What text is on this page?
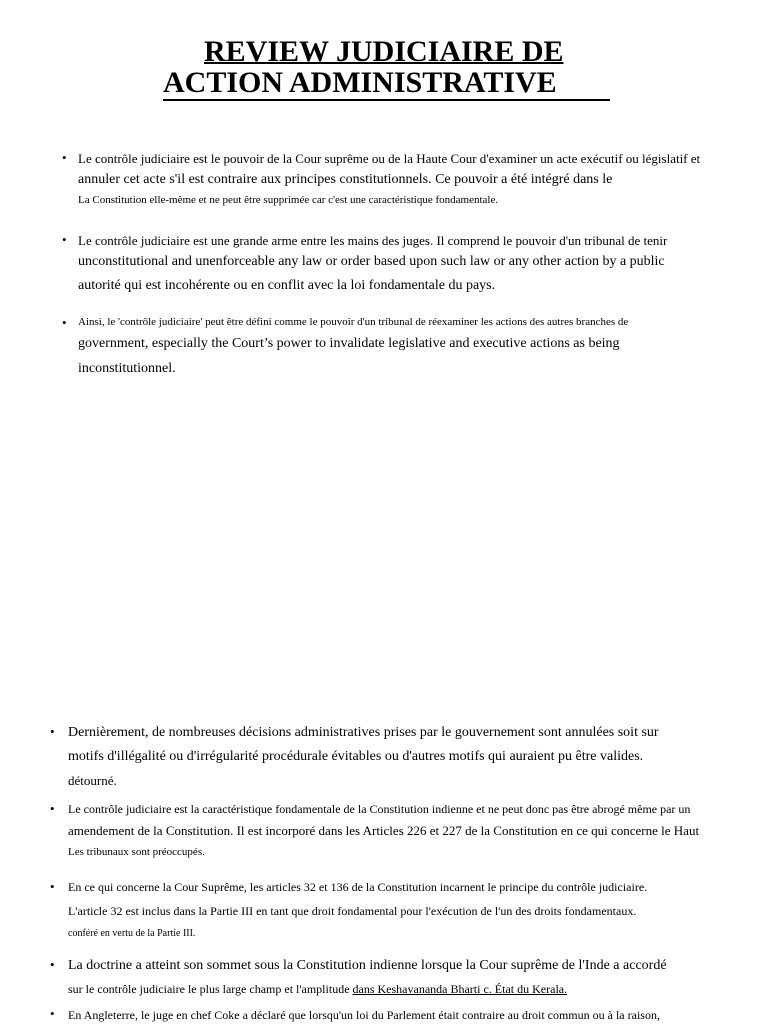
REVIEW JUDICIAIRE DE
ACTION ADMINISTRATIVE
• Le contrôle judiciaire est le pouvoir de la Cour suprême ou de la Haute Cour d'examiner un acte exécutif ou législatif et
annuler cet acte s'il est contraire aux principes constitutionnels. Ce pouvoir a été intégré dans le
La Constitution elle-même et ne peut être supprimée car c'est une caractéristique fondamentale.

• Le contrôle judiciaire est une grande arme entre les mains des juges. Il comprend le pouvoir d'un tribunal de tenir
unconstitutional and unenforceable any law or order based upon such law or any other action by a public
autorité qui est incohérente ou en conflit avec la loi fondamentale du pays.

• Ainsi, le 'contrôle judiciaire' peut être défini comme le pouvoir d'un tribunal de réexaminer les actions des autres branches de
government, especially the Court’s power to invalidate legislative and executive actions as being
inconstitutionnel.

• Dernièrement, de nombreuses décisions administratives prises par le gouvernement sont annulées soit sur
motifs d'illégalité ou d'irrégularité procédurale évitables ou d'autres motifs qui auraient pu être valides.
détourné.

• Le contrôle judiciaire est la caractéristique fondamentale de la Constitution indienne et ne peut donc pas être abrogé même par un
amendement de la Constitution. Il est incorporé dans les Articles 226 et 227 de la Constitution en ce qui concerne le Haut
Les tribunaux sont préoccupés.

• En ce qui concerne la Cour Suprême, les articles 32 et 136 de la Constitution incarnent le principe du contrôle judiciaire.
L'article 32 est inclus dans la Partie III en tant que droit fondamental pour l'exécution de l'un des droits fondamentaux.
conféré en vertu de la Partie III.

• La doctrine a atteint son sommet sous la Constitution indienne lorsque la Cour suprême de l'Inde a accordé
sur le contrôle judiciaire le plus large champ et l'amplitude dans Keshavananda Bharti c. État du Kerala.

• En Angleterre, le juge en chef Coke a déclaré que lorsqu'un loi du Parlement était contraire au droit commun ou à la raison,
